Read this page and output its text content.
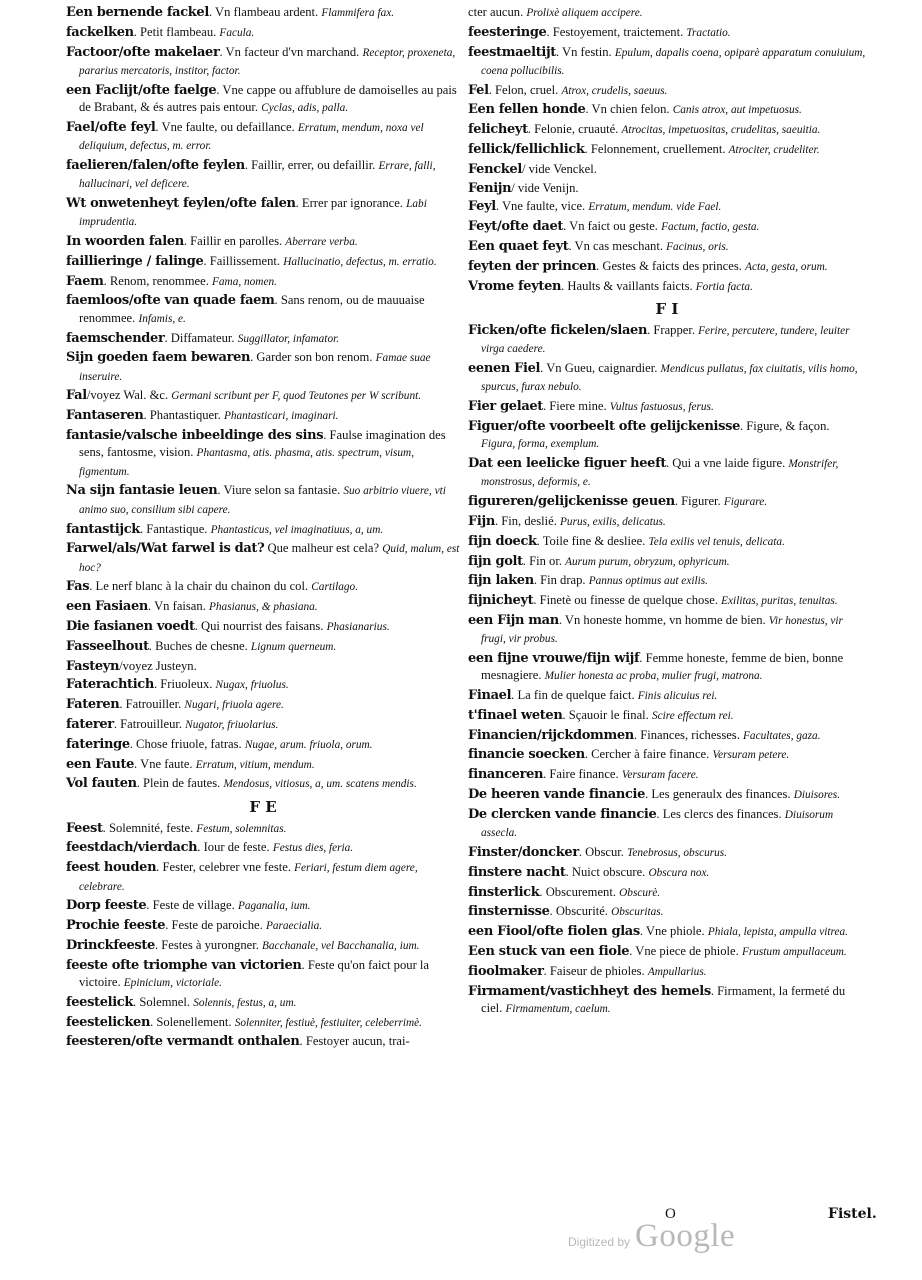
Een bernende fackel. Vn flambeau ardent. Flammifera fax.
fackelken. Petit flambeau. Facula.
Factoor/ofte makelaer. Vn facteur d'vn marchand. Receptor, proxeneta, pararius mercatoris, institor, factor.
een Faclijt/ofte faelge. Vne cappe ou affublure de damoiselles au pais de Brabant, & és autres pais entour. Cyclas, adis, palla.
Fael/ofte feyl. Vne faulte, ou defaillance. Erratum, mendum, noxa vel deliquium, defectus, m. error.
faelieren/falen/ofte feylen. Faillir, errer, ou defaillir. Errare, falli, hallucinari, vel deficere.
Wt onwetenheyt feylen/ofte falen. Errer par ignorance. Labi imprudentia.
In woorden falen. Faillir en parolles. Aberrare verba.
faillieringe / falinge. Faillissement. Hallucinatio, defectus, m. erratio.
Faem. Renom, renommee. Fama, nomen.
faemloos/ofte van quade faem. Sans renom, ou de mauuaise renommee. Infamis, e.
faemschender. Diffamateur. Suggillator, infamator.
Sijn goeden faem bewaren. Garder son bon renom. Famae suae inseruire.
Fal/voyez Wal. &c. Germani scribunt per F, quod Teutones per W scribunt.
Fantaseren. Phantastiquer. Phantasticari, imaginari.
fantasie/valsche inbeeldinge des sins. Faulse imagination des sens, fantosme, vision. Phantasma, atis. phasma, atis. spectrum, visum, figmentum.
Na sijn fantasie leuen. Viure selon sa fantasie. Suo arbitrio viuere, vti animo suo, consilium sibi capere.
fantastijck. Fantastique. Phantasticus, vel imaginatiuus, a, um.
Farwel/als/Wat farwel is dat? Que malheur est cela? Quid, malum, est hoc?
Fas. Le nerf blanc à la chair du chainon du col. Cartilago.
een Fasiaen. Vn faisan. Phasianus, & phasiana.
Die fasianen voedt. Qui nourrist des faisans. Phasianarius.
Fasseelhout. Buches de chesne. Lignum querneum.
Fasteyn/voyez Justeyn.
Faterachtich. Friuoleux. Nugax, friuolus.
Fateren. Fatrouiller. Nugari, friuola agere.
faterer. Fatrouilleur. Nugator, friuolarius.
fateringe. Chose friuole, fatras. Nugae, arum. friuola, orum.
een Faute. Vne faute. Erratum, vitium, mendum.
Vol fauten. Plein de fautes. Mendosus, vitiosus, a, um. scatens mendis.
F E
Feest. Solemnité, feste. Festum, solemnitas.
feestdach/vierdach. Iour de feste. Festus dies, feria.
feest houden. Fester, celebrer vne feste. Feriari, festum diem agere, celebrare.
Dorp feeste. Feste de village. Paganalia, ium.
Prochie feeste. Feste de paroiche. Paraecialia.
Drinckfeeste. Festes à yurongner. Bacchanale, vel Bacchanalia, ium.
feeste ofte triomphe van victorien. Feste qu'on faict pour la victoire. Epinicium, victoriale.
feestelick. Solemnel. Solennis, festus, a, um.
feestelicken. Solenellement. Solenniter, festiuè, festiuiter, celeberrimè.
feesteren/ofte vermandt onthalen. Festoyer aucun, trai-
cter aucun. Prolixè aliquem accipere.
feesteringe. Festoyement, traictement. Tractatio.
feestmaeltijt. Vn festin. Epulum, dapalis coena, opiparè apparatum conuiuium, coena pollucibilis.
Fel. Felon, cruel. Atrox, crudelis, saeuus.
Een fellen honde. Vn chien felon. Canis atrox, aut impetuosus.
felicheyt. Felonie, cruauté. Atrocitas, impetuositas, crudelitas, saeuitia.
fellick/fellichlick. Felonnement, cruellement. Atrociter, crudeliter.
Fenckel/ vide Venckel.
Fenijn/ vide Venijn.
Feyl. Vne faulte, vice. Erratum, mendum. vide Fael.
Feyt/ofte daet. Vn faict ou geste. Factum, factio, gesta.
Een quaet feyt. Vn cas meschant. Facinus, oris.
feyten der princen. Gestes & faicts des princes. Acta, gesta, orum.
Vrome feyten. Haults & vaillants faicts. Fortia facta.
F I
Ficken/ofte fickelen/slaen. Frapper. Ferire, percutere, tundere, leuiter virga caedere.
eenen Fiel. Vn Gueu, caignardier. Mendicus pullatus, fax ciuitatis, vilis homo, spurcus, furax nebulo.
Fier gelaet. Fiere mine. Vultus fastuosus, ferus.
Figuer/ofte voorbeelt ofte gelijckenisse. Figure, & façon. Figura, forma, exemplum.
Dat een leelicke figuer heeft. Qui a vne laide figure. Monstrifer, monstrosus, deformis, e.
figureren/gelijckenisse geuen. Figurer. Figurare.
Fijn. Fin, deslié. Purus, exilis, delicatus.
fijn doeck. Toile fine & desliee. Tela exilis vel tenuis, delicata.
fijn golt. Fin or. Aurum purum, obryzum, ophyricum.
fijn laken. Fin drap. Pannus optimus aut exilis.
fijnicheyt. Finetè ou finesse de quelque chose. Exilitas, puritas, tenuitas.
een Fijn man. Vn honeste homme, vn homme de bien. Vir honestus, vir frugi, vir probus.
een fijne vrouwe/fijn wijf. Femme honeste, femme de bien, bonne mesnagiere. Mulier honesta ac proba, mulier frugi, matrona.
Finael. La fin de quelque faict. Finis alicuius rei.
t'finael weten. Sçauoir le final. Scire effectum rei.
Financien/rijckdommen. Finances, richesses. Facultates, gaza.
financie soecken. Cercher à faire finance. Versuram petere.
financeren. Faire finance. Versuram facere.
De heeren vande financie. Les generaulx des finances. Diuisores.
De clercken vande financie. Les clercs des finances. Diuisorum assecla.
Finster/doncker. Obscur. Tenebrosus, obscurus.
finstere nacht. Nuict obscure. Obscura nox.
finsterlick. Obscurement. Obscurè.
finsternisse. Obscurité. Obscuritas.
een Fiool/ofte fiolen glas. Vne phiole. Phiala, lepista, ampulla vitrea.
Een stuck van een fiole. Vne piece de phiole. Frustum ampullaceum.
fioolmaker. Faiseur de phioles. Ampullarius.
Firmament/vastichheyt des hemels. Firmament, la fermeté du ciel. Firmamentum, caelum.
O	Fistel.
Digitized by Google
